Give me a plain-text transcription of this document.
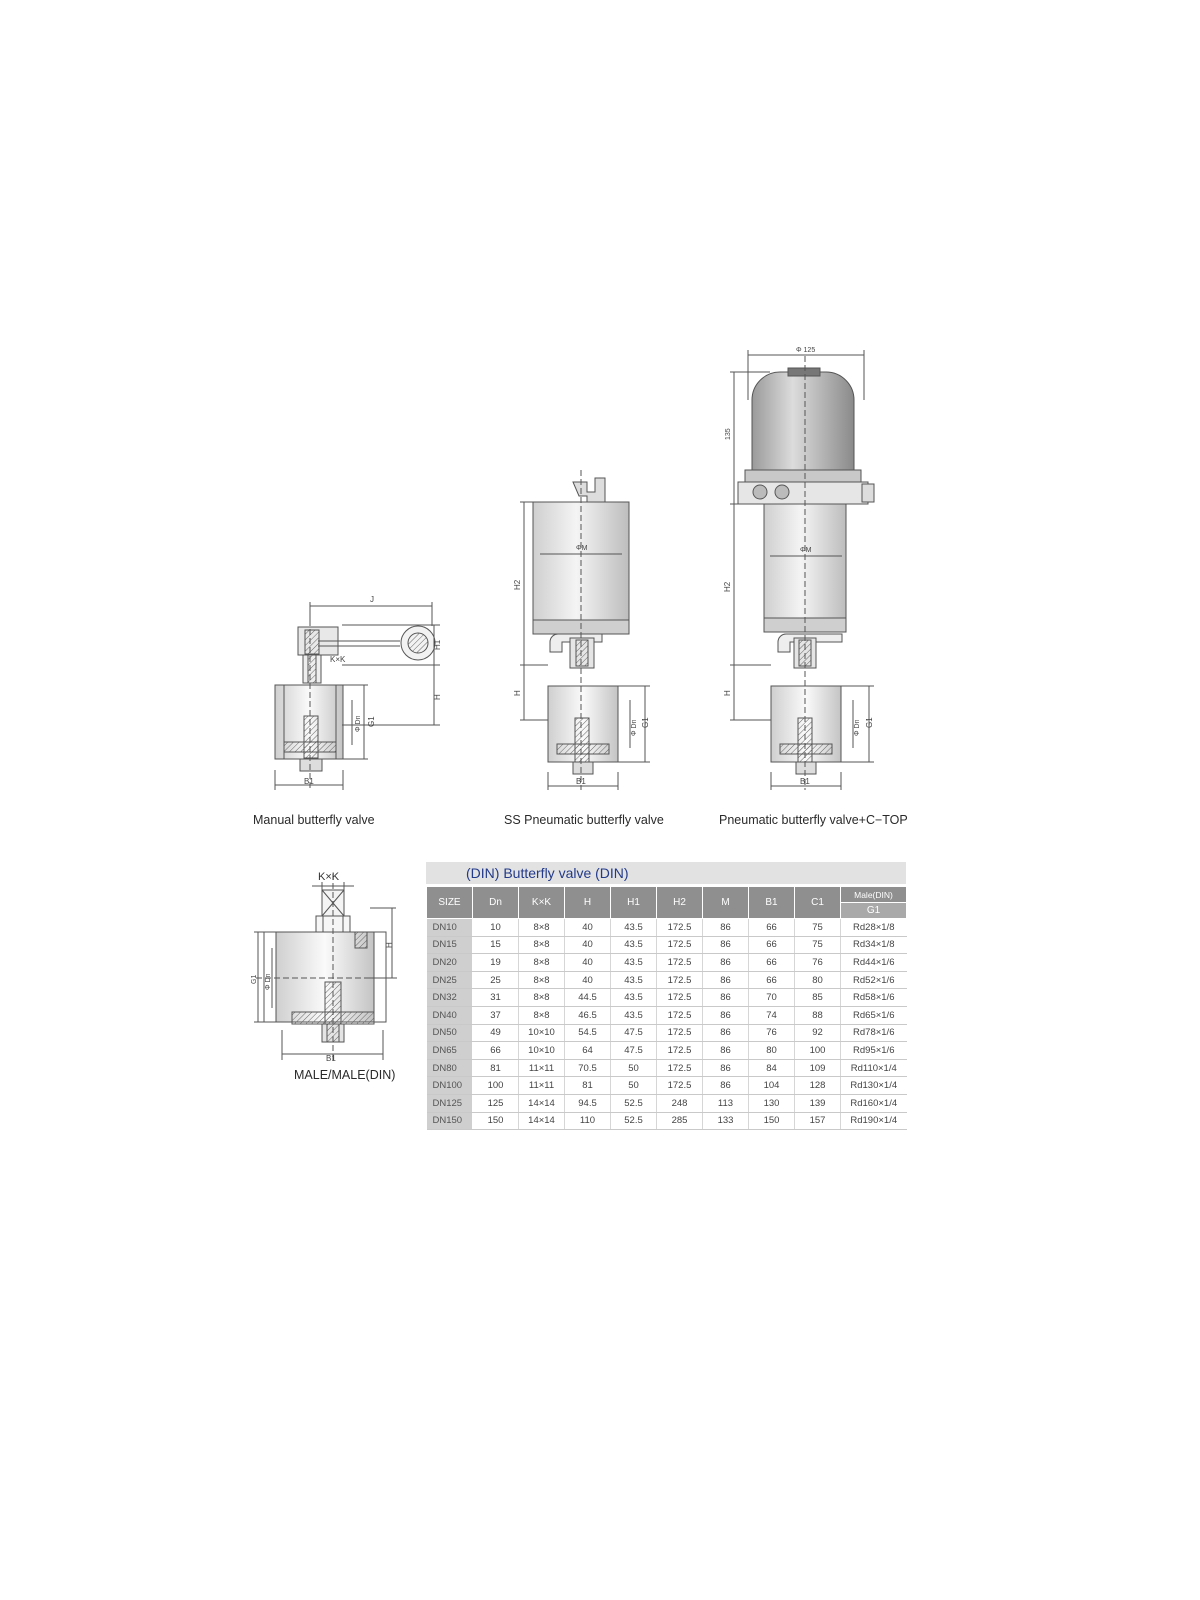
J
H1
K×K
H
Φ Dn G1
B1
ΦM
H2
H
Φ Dn G1
B1
Φ 125
135
ΦM
H2
H
Φ Dn G1
B1
K×K
H
G1 Φ Dn
B1
Manual butterfly valve	SS Pneumatic butterfly valve	Pneumatic butterfly valve+C−TOP
MALE/MALE(DIN)
(DIN) Butterfly valve (DIN)
SIZE	Dn	K×K	H	H1	H2	M	B1	C1	Male(DIN)
									G1
DN10	10	8×8	40	43.5	172.5	86	66	75	Rd28×1/8
DN15	15	8×8	40	43.5	172.5	86	66	75	Rd34×1/8
DN20	19	8×8	40	43.5	172.5	86	66	76	Rd44×1/6
DN25	25	8×8	40	43.5	172.5	86	66	80	Rd52×1/6
DN32	31	8×8	44.5	43.5	172.5	86	70	85	Rd58×1/6
DN40	37	8×8	46.5	43.5	172.5	86	74	88	Rd65×1/6
DN50	49	10×10	54.5	47.5	172.5	86	76	92	Rd78×1/6
DN65	66	10×10	64	47.5	172.5	86	80	100	Rd95×1/6
DN80	81	11×11	70.5	50	172.5	86	84	109	Rd110×1/4
DN100	100	11×11	81	50	172.5	86	104	128	Rd130×1/4
DN125	125	14×14	94.5	52.5	248	113	130	139	Rd160×1/4
DN150	150	14×14	110	52.5	285	133	150	157	Rd190×1/4
